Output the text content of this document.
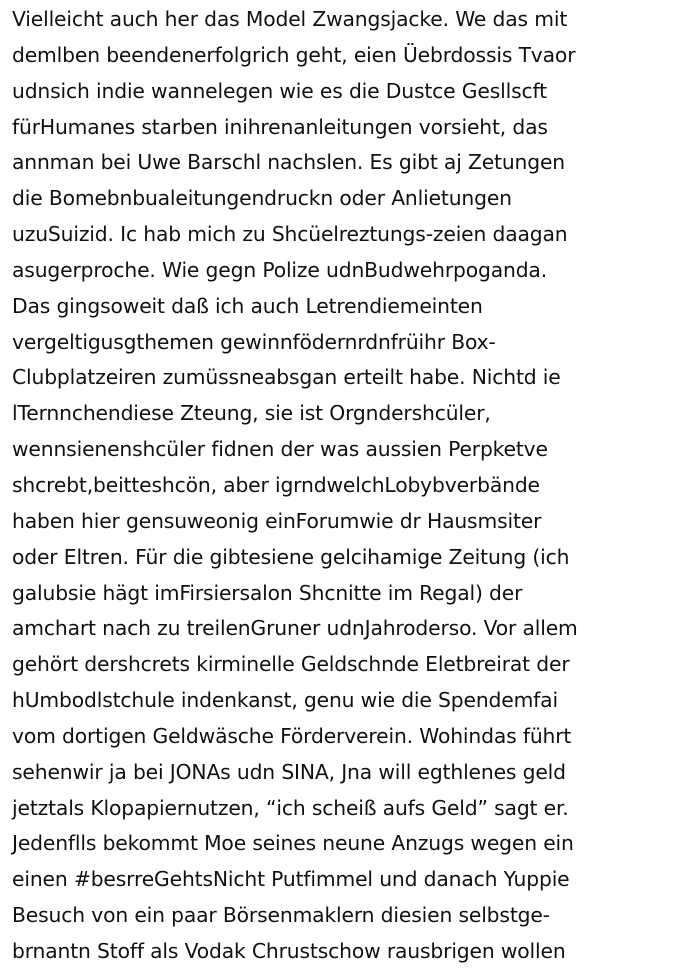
Vielleicht auch her das Model Zwangsjacke. We das mit
demlben beendenerfolgrich geht, eien Üebrdossis Tvaor
udnsich indie wannelegen wie es die Dustce Gesllsсft
fürHumanes starben inihrenanleitungen vorsieht, das
annman bei Uwe Barschl nachslen. Es gibt aj Zetungen
die Bomebnbualeitungendruckn oder Anlietungen
uzuSuizid. Ic hab mich zu Shcüelreztungs-zeien daagan
asugerproche. Wie gegn Polize udnBudwehrpoganda.
Das gingsoweit daß ich auch Letrendiemeinten
vergeltigusgthemen gewinnfödernrdnfrüihr Box-
Clubplatzeiren zumüssneabsgan erteilt habe. Nichtd ie
lTernnchendiese Zteung, sie ist Orgndershcüler,
wennsienenshcüler fidnen der was aussien Perpketve
shcrebt,beitteshcön, aber igrndwelchLobybverbände
haben hier gensuweonig einForumwie dr Hausmsiter
oder Eltren. Für die gibtesiene gelcihamige Zeitung (ich
galubsie hägt imFirsiersalon Shcnitte im Regal) der
amchart nach zu treilenGruner udnJahroderso. Vor allem
gehört dershcrets kirminelle Geldschnde Eletbreirat der
hUmbodlstchule indenkanst, genu wie die Spendemfai
vom dortigen Geldwäsche Förderverein. Wohindas führt
sehenwir ja bei JONAs udn SINA, Jna will egthlenes geld
jetztals Klopapiernutzen, “ich scheiß aufs Geld” sagt er.
Jedenflls bekommt Moe seines neune Anzugs wegen ein
einen #besrreGehtsNicht Putfimmel und danach Yuppie
Besuch von ein paar Börsenmaklern diesien selbstge-
brnantn Stoff als Vodak Chrustschow rausbrigen wollen
